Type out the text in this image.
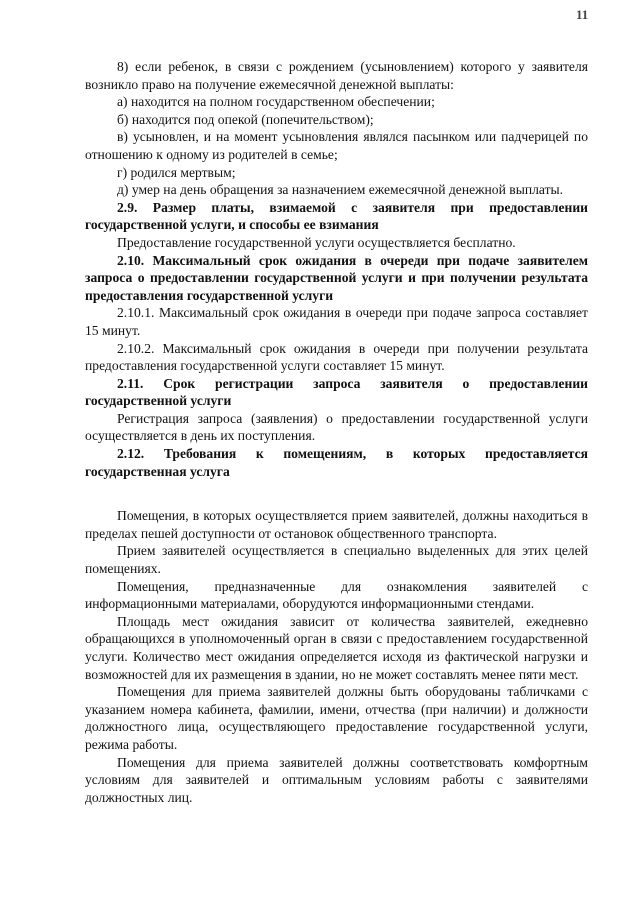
11

8) если ребенок, в связи с рождением (усыновлением) которого у заявителя возникло право на получение ежемесячной денежной выплаты:

а) находится на полном государственном обеспечении;

б) находится под опекой (попечительством);

в) усыновлен, и на момент усыновления являлся пасынком или падчерицей по отношению к одному из родителей в семье;

г) родился мертвым;

д) умер на день обращения за назначением ежемесячной денежной выплаты.

2.9. Размер платы, взимаемой с заявителя при предоставлении государственной услуги, и способы ее взимания

Предоставление государственной услуги осуществляется бесплатно.

2.10. Максимальный срок ожидания в очереди при подаче заявителем запроса о предоставлении государственной услуги и при получении результата предоставления государственной услуги

2.10.1. Максимальный срок ожидания в очереди при подаче запроса составляет 15 минут.

2.10.2. Максимальный срок ожидания в очереди при получении результата предоставления государственной услуги составляет 15 минут.

2.11. Срок регистрации запроса заявителя о предоставлении государственной услуги

Регистрация запроса (заявления) о предоставлении государственной услуги осуществляется в день их поступления.

2.12. Требования к помещениям, в которых предоставляется государственная услуга

Помещения, в которых осуществляется прием заявителей, должны находиться в пределах пешей доступности от остановок общественного транспорта.

Прием заявителей осуществляется в специально выделенных для этих целей помещениях.

Помещения, предназначенные для ознакомления заявителей с информационными материалами, оборудуются информационными стендами.

Площадь мест ожидания зависит от количества заявителей, ежедневно обращающихся в уполномоченный орган в связи с предоставлением государственной услуги. Количество мест ожидания определяется исходя из фактической нагрузки и возможностей для их размещения в здании, но не может составлять менее пяти мест.

Помещения для приема заявителей должны быть оборудованы табличками с указанием номера кабинета, фамилии, имени, отчества (при наличии) и должности должностного лица, осуществляющего предоставление государственной услуги, режима работы.

Помещения для приема заявителей должны соответствовать комфортным условиям для заявителей и оптимальным условиям работы с заявителями должностных лиц.
